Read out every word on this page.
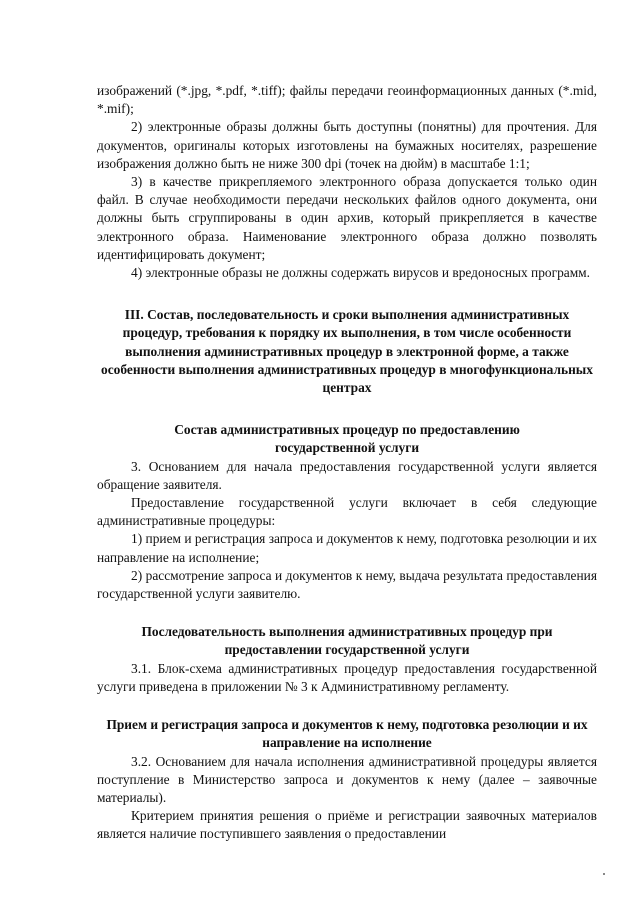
изображений (*.jpg, *.pdf, *.tiff); файлы передачи геоинформационных данных (*.mid, *.mif);

2) электронные образы должны быть доступны (понятны) для прочтения. Для документов, оригиналы которых изготовлены на бумажных носителях, разрешение изображения должно быть не ниже 300 dpi (точек на дюйм) в масштабе 1:1;

3) в качестве прикрепляемого электронного образа допускается только один файл. В случае необходимости передачи нескольких файлов одного документа, они должны быть сгруппированы в один архив, который прикрепляется в качестве электронного образа. Наименование электронного образа должно позволять идентифицировать документ;

4) электронные образы не должны содержать вирусов и вредоносных программ.

III. Состав, последовательность и сроки выполнения административных процедур, требования к порядку их выполнения, в том числе особенности выполнения административных процедур в электронной форме, а также особенности выполнения административных процедур в многофункциональных центрах

Состав административных процедур по предоставлению государственной услуги

3. Основанием для начала предоставления государственной услуги является обращение заявителя.

Предоставление государственной услуги включает в себя следующие административные процедуры:

1) прием и регистрация запроса и документов к нему, подготовка резолюции и их направление на исполнение;

2) рассмотрение запроса и документов к нему, выдача результата предоставления государственной услуги заявителю.

Последовательность выполнения административных процедур при предоставлении государственной услуги

3.1. Блок-схема административных процедур предоставления государственной услуги приведена в приложении № 3 к Административному регламенту.

Прием и регистрация запроса и документов к нему, подготовка резолюции и их направление на исполнение

3.2. Основанием для начала исполнения административной процедуры является поступление в Министерство запроса и документов к нему (далее – заявочные материалы).

Критерием принятия решения о приёме и регистрации заявочных материалов является наличие поступившего заявления о предоставлении
